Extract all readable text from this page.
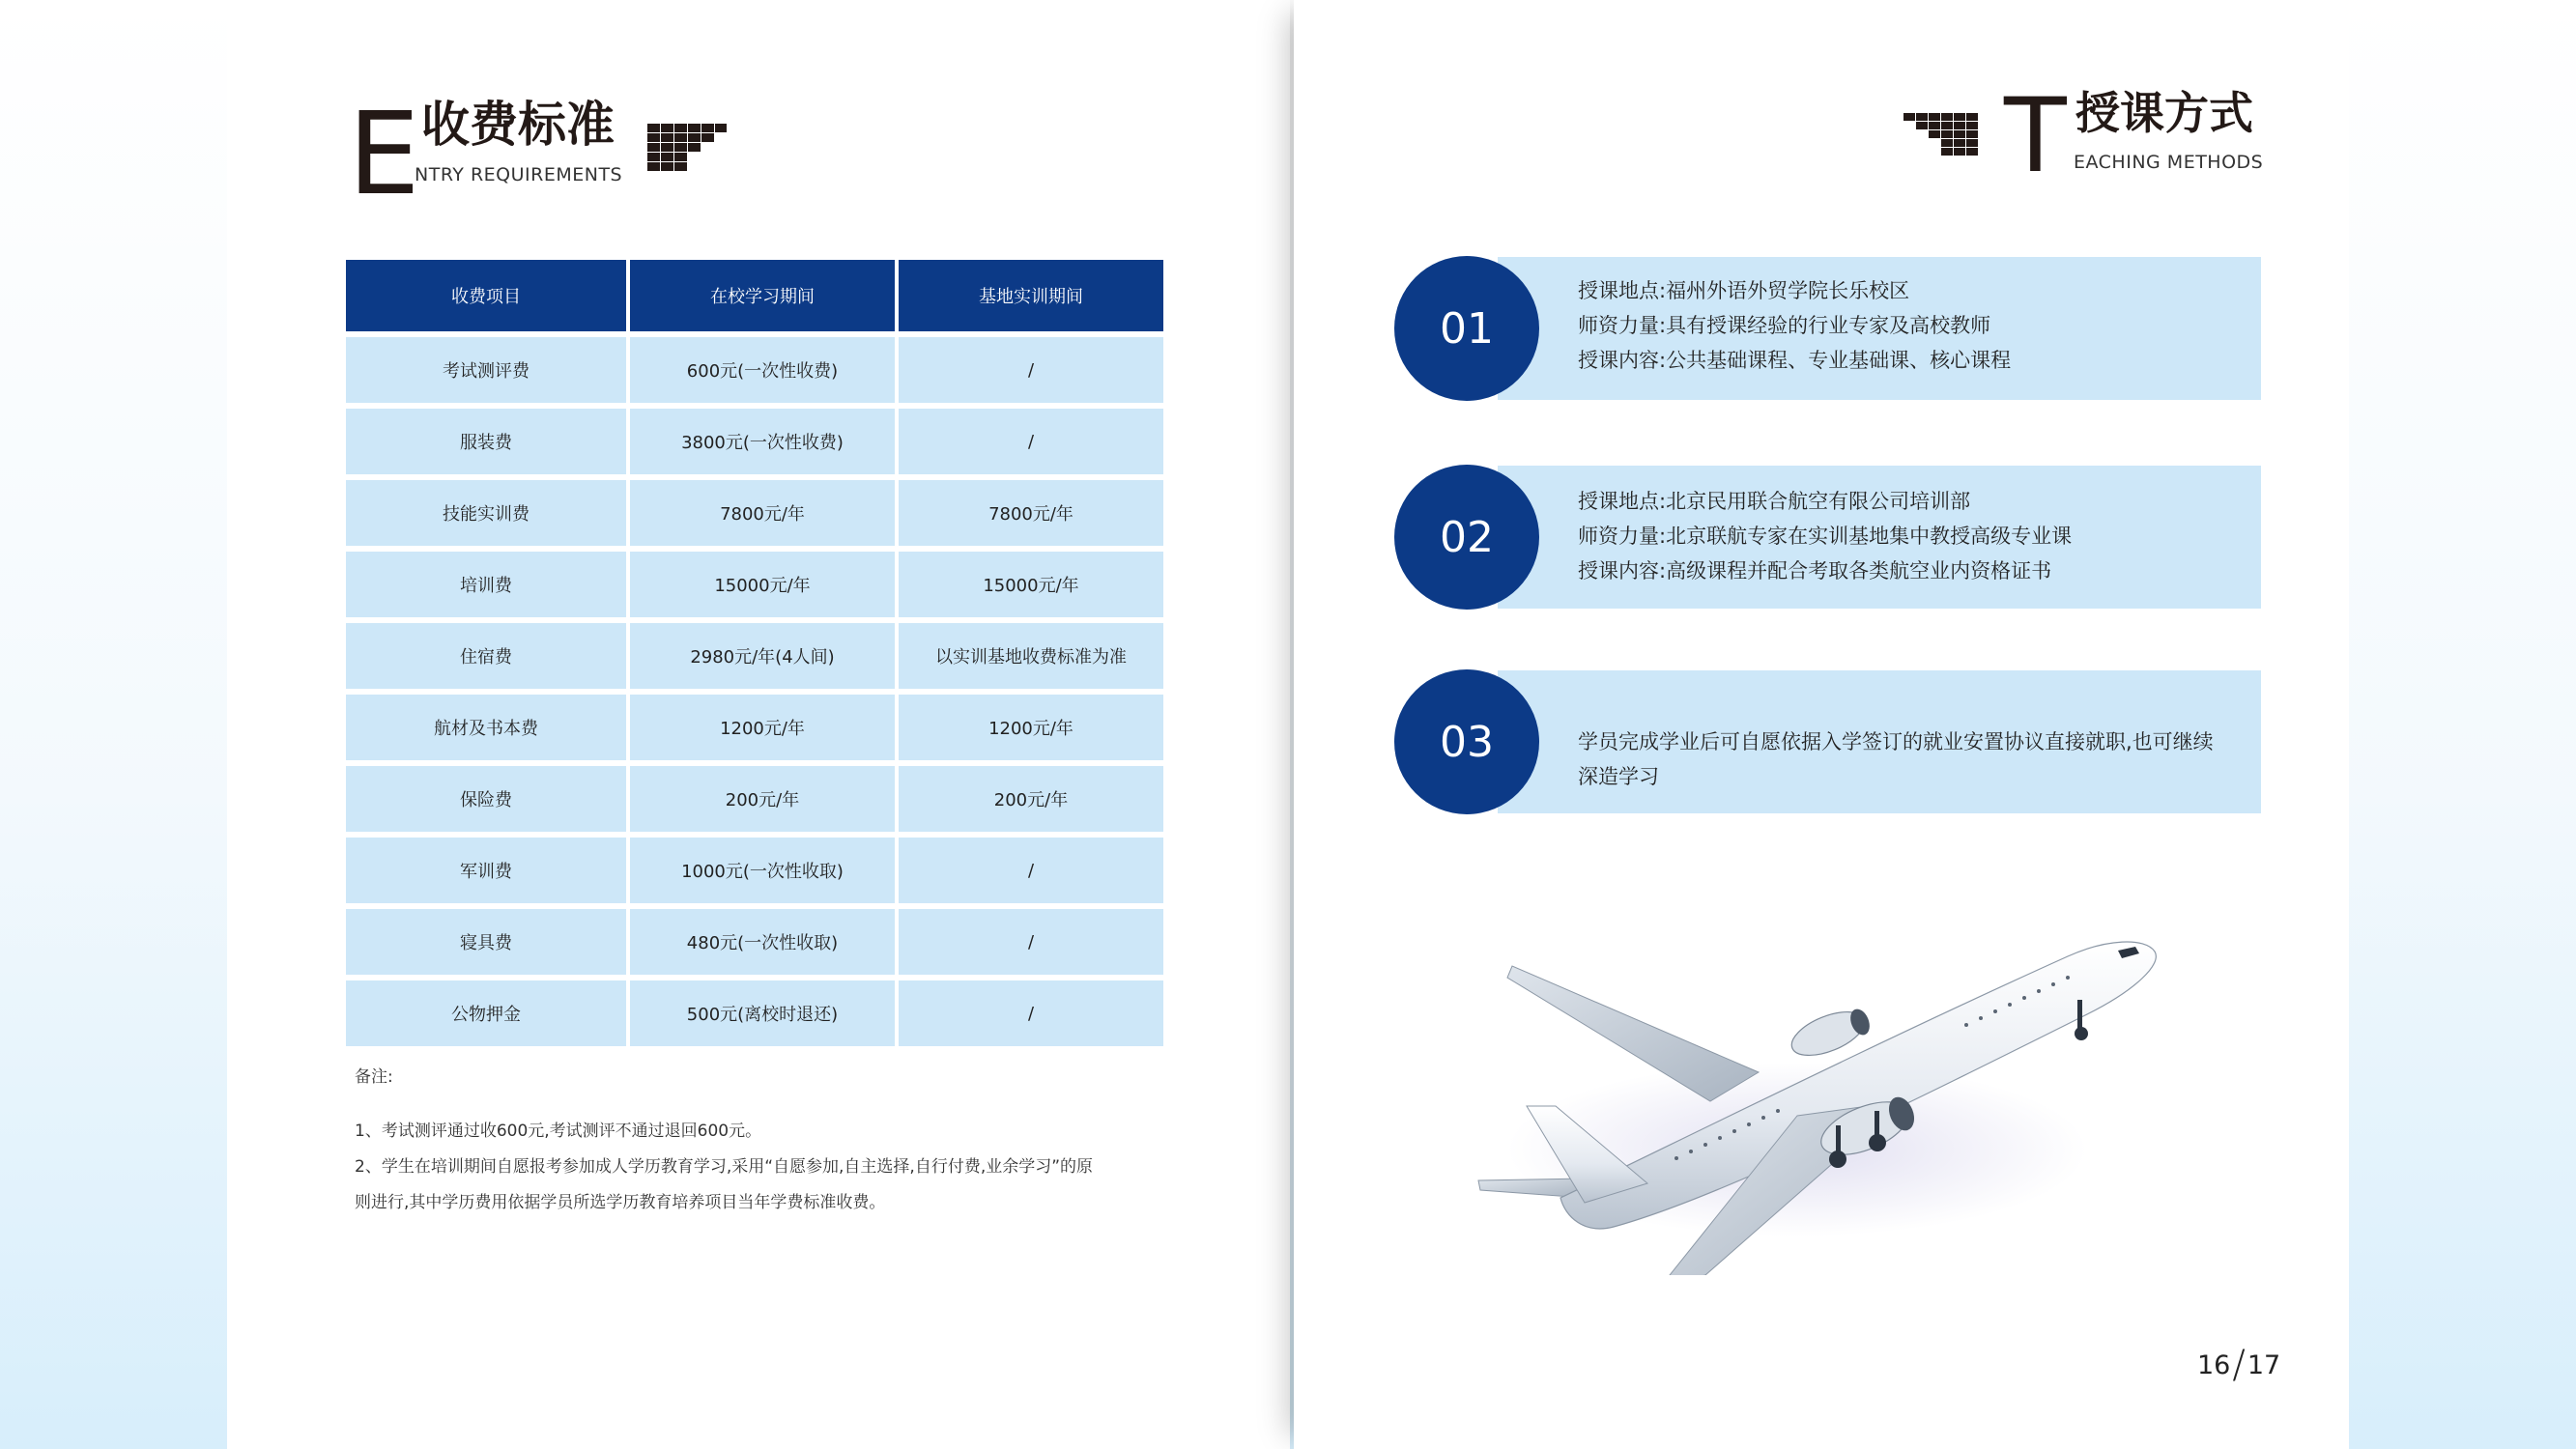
E 收费标准
NTRY REQUIREMENTS
收费项目	在校学习期间	基地实训期间
考试测评费	600元(一次性收费)	/
服装费	3800元(一次性收费)	/
技能实训费	7800元/年	7800元/年
培训费	15000元/年	15000元/年
住宿费	2980元/年(4人间)	以实训基地收费标准为准
航材及书本费	1200元/年	1200元/年
保险费	200元/年	200元/年
军训费	1000元(一次性收取)	/
寝具费	480元(一次性收取)	/
公物押金	500元(离校时退还)	/
备注:
1、考试测评通过收600元,考试测评不通过退回600元。
2、学生在培训期间自愿报考参加成人学历教育学习,采用“自愿参加,自主选择,自行付费,业余学习”的原
则进行,其中学历费用依据学员所选学历教育培养项目当年学费标准收费。
T 授课方式
EACHING METHODS
01
授课地点:福州外语外贸学院长乐校区
师资力量:具有授课经验的行业专家及高校教师
授课内容:公共基础课程、专业基础课、核心课程
02
授课地点:北京民用联合航空有限公司培训部
师资力量:北京联航专家在实训基地集中教授高级专业课
授课内容:高级课程并配合考取各类航空业内资格证书
03	学员完成学业后可自愿依据入学签订的就业安置协议直接就职,也可继续
深造学习
16/17
